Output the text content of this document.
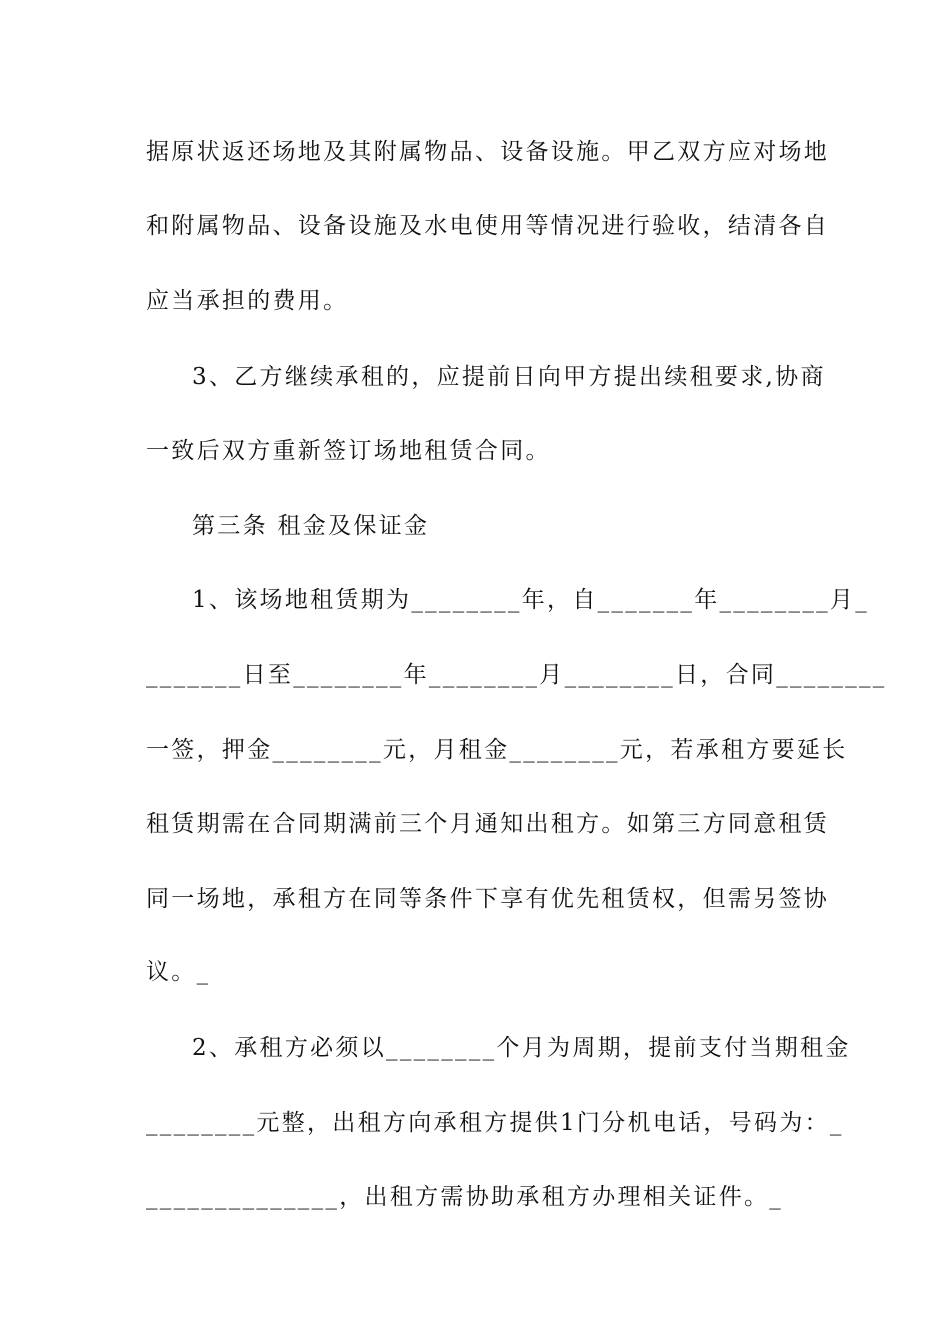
据原状返还场地及其附属物品、设备设施。甲乙双方应对场地
和附属物品、设备设施及水电使用等情况进行验收，结清各自
应当承担的费用。
3、乙方继续承租的，应提前日向甲方提出续租要求,协商
一致后双方重新签订场地租赁合同。
第三条 租金及保证金
1、该场地租赁期为________年，自_______年________月_
_______日至________年________月________日，合同________
一签，押金________元，月租金________元，若承租方要延长
租赁期需在合同期满前三个月通知出租方。如第三方同意租赁
同一场地，承租方在同等条件下享有优先租赁权，但需另签协
议。_
2、承租方必须以________个月为周期，提前支付当期租金
________元整，出租方向承租方提供1门分机电话，号码为：_
______________，出租方需协助承租方办理相关证件。_
